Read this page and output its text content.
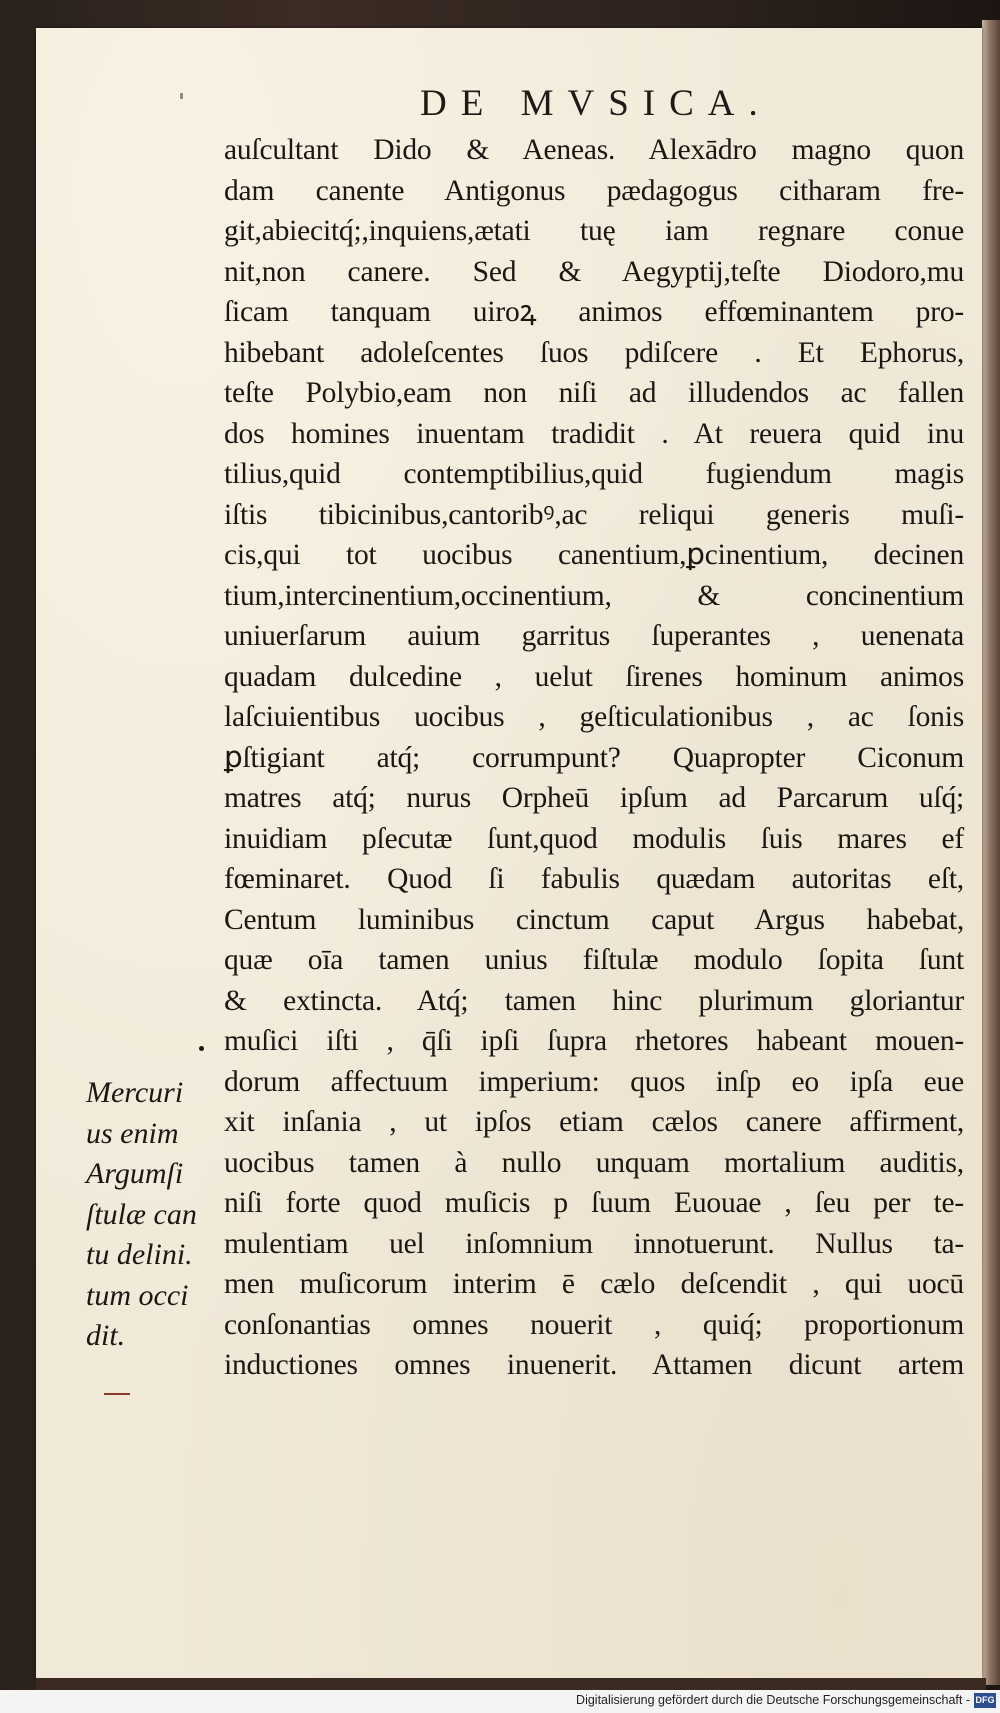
DE MVSICA.
auſcultant Dido & Aeneas. Alexādro magno quon
dam canente Antigonus pædagogus citharam fre-
git,abiecitq́;,inquiens,ætati tuę iam regnare conue
nit,non canere. Sed & Aegyptij,teſte Diodoro,mu
ſicam tanquam uiroꝝ animos effœminantem pro-
hibebant adoleſcentes ſuos pdiſcere . Et Ephorus,
teſte Polybio,eam non niſi ad illudendos ac fallen
dos homines inuentam tradidit . At reuera quid inu
tilius,quid contemptibilius,quid fugiendum magis
iſtis tibicinibus,cantoribꝰ,ac reliqui generis muſi-
cis,qui tot uocibus canentium,ꝑcinentium, decinen
tium,intercinentium,occinentium, & concinentium
uniuerſarum auium garritus ſuperantes , uenenata
quadam dulcedine , uelut ſirenes hominum animos
laſciuientibus uocibus , geſticulationibus , ac ſonis
ꝑſtigiant atq́; corrumpunt? Quapropter Ciconum
matres atq́; nurus Orpheū ipſum ad Parcarum uſq́;
inuidiam pſecutæ ſunt,quod modulis ſuis mares ef
fœminaret. Quod ſi fabulis quædam autoritas eſt,
Centum luminibus cinctum caput Argus habebat,
quæ oīa tamen unius fiſtulæ modulo ſopita ſunt
& extincta. Atq́; tamen hinc plurimum gloriantur
muſici iſti , q̄ſi ipſi ſupra rhetores habeant mouen-
dorum affectuum imperium: quos inſp eo ipſa eue
xit inſania , ut ipſos etiam cælos canere affirment,
uocibus tamen à nullo unquam mortalium auditis,
niſi forte quod muſicis p ſuum Euouae , ſeu per te-
mulentiam uel inſomnium innotuerunt. Nullus ta-
men muſicorum interim ē cælo deſcendit , qui uocū
conſonantias omnes nouerit , quiq́; proportionum
inductiones omnes inuenerit. Attamen dicunt artem
Mercuri
us enim
Argumſi
ſtulæ can
tu delini.
tum occi
dit.
Digitalisierung gefördert durch die Deutsche Forschungsgemeinschaft - DFG
